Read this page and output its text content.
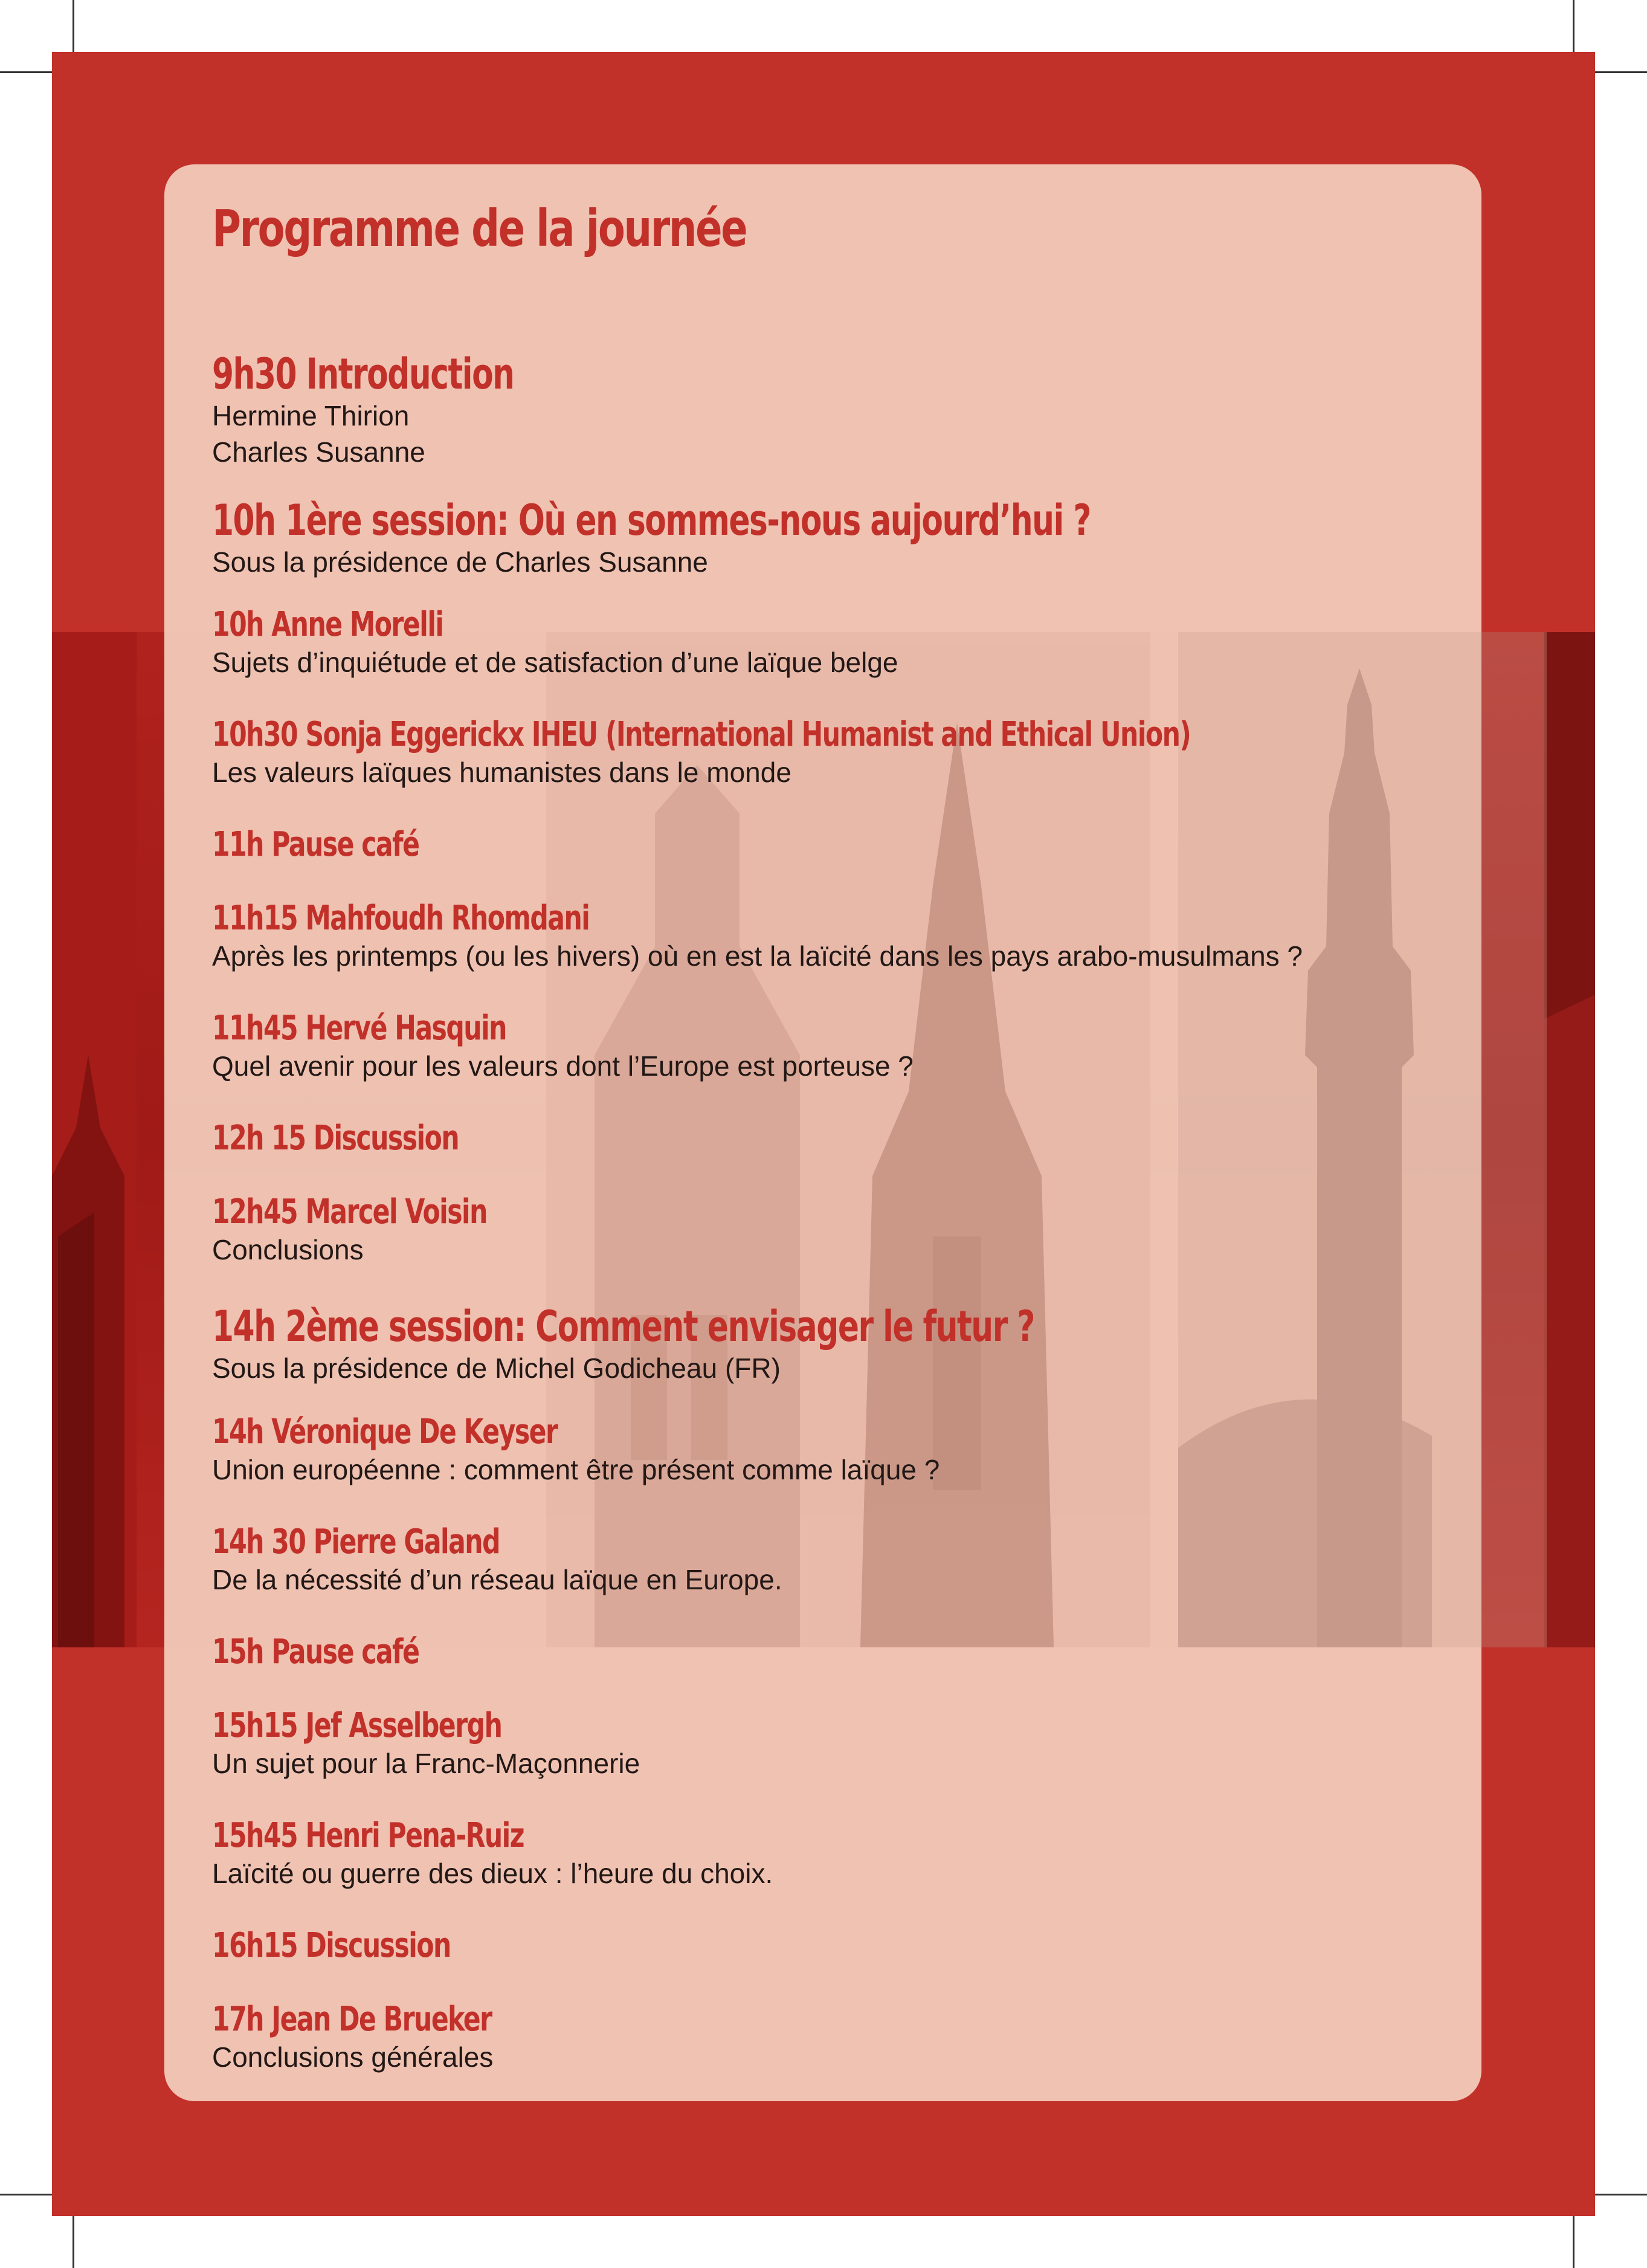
Programme de la journée
9h30 Introduction
Hermine Thirion
Charles Susanne
10h 1ère session: Où en sommes-nous aujourd’hui ?
Sous la présidence de Charles Susanne
10h Anne Morelli
Sujets d’inquiétude et de satisfaction d’une laïque belge
10h30 Sonja Eggerickx IHEU (International Humanist and Ethical Union)
Les valeurs laïques humanistes dans le monde
11h Pause café
11h15 Mahfoudh Rhomdani
Après les printemps (ou les hivers) où en est la laïcité dans les pays arabo-musulmans ?
11h45 Hervé Hasquin
Quel avenir pour les valeurs dont l’Europe est porteuse ?
12h 15 Discussion
12h45 Marcel Voisin
Conclusions
14h 2ème session: Comment envisager le futur ?
Sous la présidence de Michel Godicheau (FR)
14h Véronique De Keyser
Union européenne : comment être présent comme laïque ?
14h 30 Pierre Galand
De la nécessité d’un réseau laïque en Europe.
15h Pause café
15h15 Jef Asselbergh
Un sujet pour la Franc-Maçonnerie
15h45 Henri Pena-Ruiz
Laïcité ou guerre des dieux : l’heure du choix.
16h15 Discussion
17h Jean De Brueker
Conclusions générales
